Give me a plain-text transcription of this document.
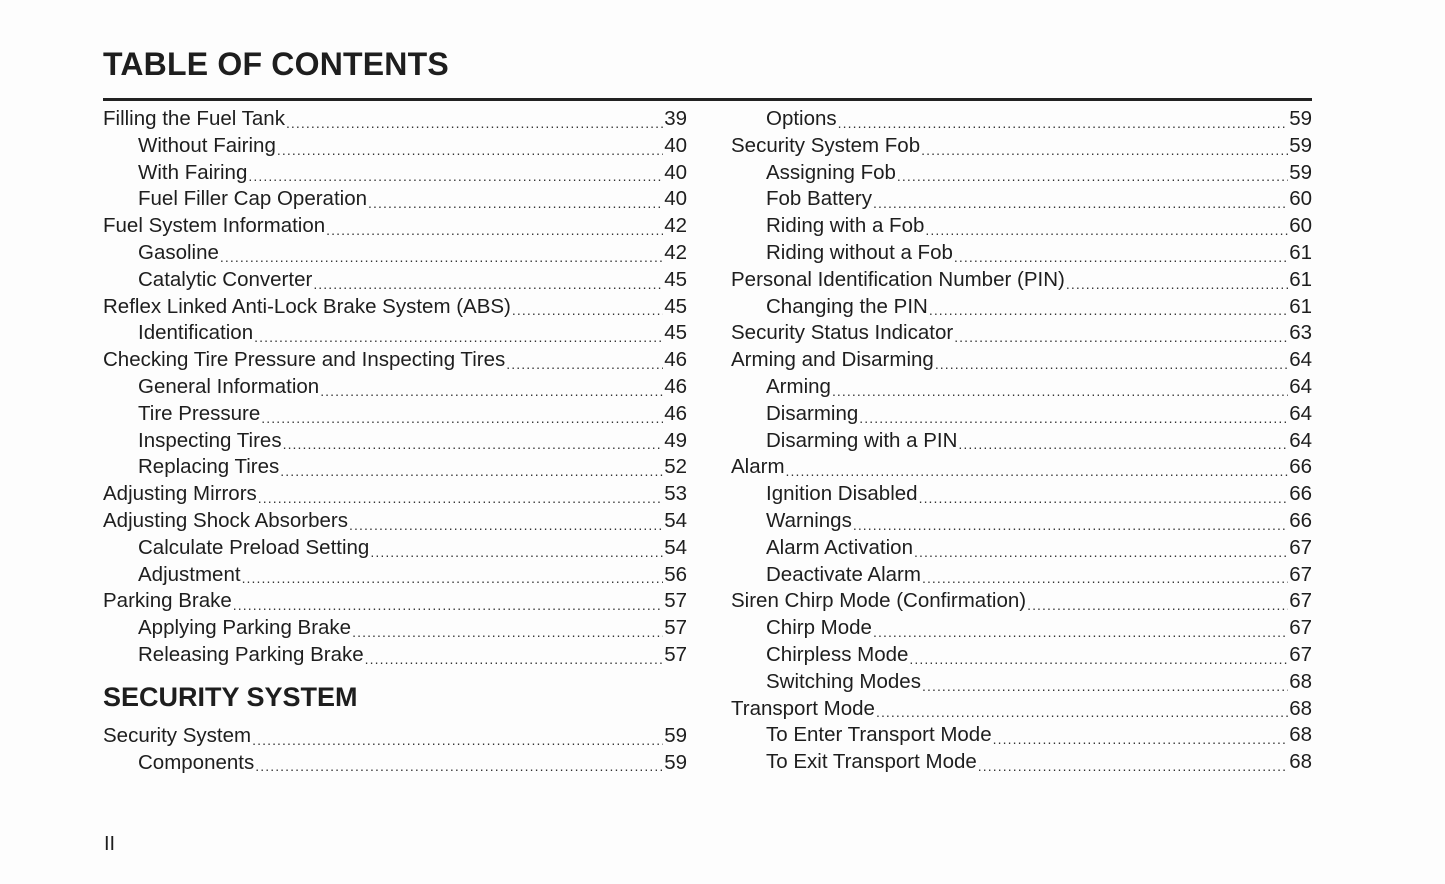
TABLE OF CONTENTS
Filling the Fuel Tank .....	39
Without Fairing .....	40
With Fairing .....	40
Fuel Filler Cap Operation .....	40
Fuel System Information .....	42
Gasoline .....	42
Catalytic Converter .....	45
Reflex Linked Anti-Lock Brake System (ABS) .....	45
Identification .....	45
Checking Tire Pressure and Inspecting Tires .....	46
General Information .....	46
Tire Pressure .....	46
Inspecting Tires .....	49
Replacing Tires .....	52
Adjusting Mirrors .....	53
Adjusting Shock Absorbers .....	54
Calculate Preload Setting .....	54
Adjustment .....	56
Parking Brake .....	57
Applying Parking Brake .....	57
Releasing Parking Brake .....	57
SECURITY SYSTEM
Security System .....	59
Components .....	59
Options .....	59
Security System Fob .....	59
Assigning Fob .....	59
Fob Battery .....	60
Riding with a Fob .....	60
Riding without a Fob .....	61
Personal Identification Number (PIN) .....	61
Changing the PIN .....	61
Security Status Indicator .....	63
Arming and Disarming .....	64
Arming .....	64
Disarming .....	64
Disarming with a PIN .....	64
Alarm .....	66
Ignition Disabled .....	66
Warnings .....	66
Alarm Activation .....	67
Deactivate Alarm .....	67
Siren Chirp Mode (Confirmation) .....	67
Chirp Mode .....	67
Chirpless Mode .....	67
Switching Modes .....	68
Transport Mode .....	68
To Enter Transport Mode .....	68
To Exit Transport Mode .....	68
II
